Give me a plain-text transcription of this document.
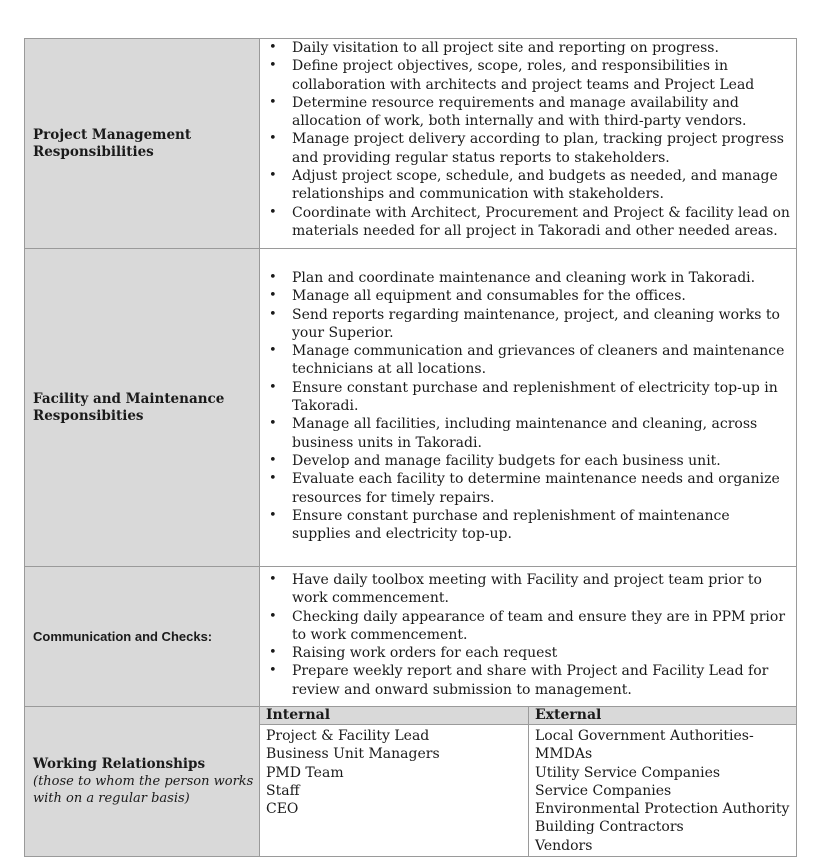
Project Management Responsibilities

• Daily visitation to all project site and reporting on progress.
• Define project objectives, scope, roles, and responsibilities in collaboration with architects and project teams and Project Lead
• Determine resource requirements and manage availability and allocation of work, both internally and with third-party vendors.
• Manage project delivery according to plan, tracking project progress and providing regular status reports to stakeholders.
• Adjust project scope, schedule, and budgets as needed, and manage relationships and communication with stakeholders.
• Coordinate with Architect, Procurement and Project & facility lead on materials needed for all project in Takoradi and other needed areas.

Facility and Maintenance Responsibities

• Plan and coordinate maintenance and cleaning work in Takoradi.
• Manage all equipment and consumables for the offices.
• Send reports regarding maintenance, project, and cleaning works to your Superior.
• Manage communication and grievances of cleaners and maintenance technicians at all locations.
• Ensure constant purchase and replenishment of electricity top-up in Takoradi.
• Manage all facilities, including maintenance and cleaning, across business units in Takoradi.
• Develop and manage facility budgets for each business unit.
• Evaluate each facility to determine maintenance needs and organize resources for timely repairs.
• Ensure constant purchase and replenishment of maintenance supplies and electricity top-up.

Communication and Checks:

• Have daily toolbox meeting with Facility and project team prior to work commencement.
• Checking daily appearance of team and ensure they are in PPM prior to work commencement.
• Raising work orders for each request
• Prepare weekly report and share with Project and Facility Lead for review and onward submission to management.

Working Relationships
(those to whom the person works with on a regular basis)

Internal	External

Project & Facility Lead
Business Unit Managers
PMD Team
Staff
CEO

Local Government Authorities-
MMDAs
Utility Service Companies
Service Companies
Environmental Protection Authority
Building Contractors
Vendors
